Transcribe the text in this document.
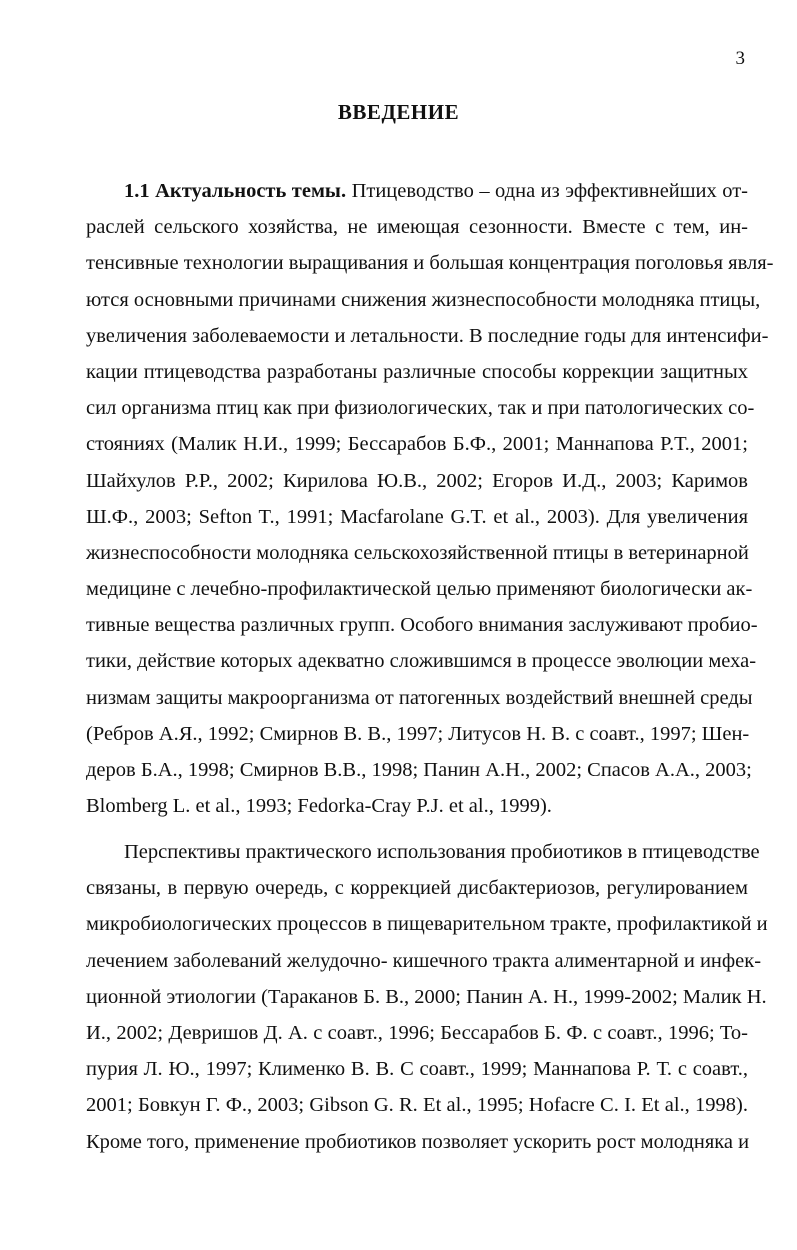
3
ВВЕДЕНИЕ
1.1 Актуальность темы. Птицеводство – одна из эффективнейших от-
раслей сельского хозяйства, не имеющая сезонности. Вместе с тем, ин-
тенсивные технологии выращивания и большая концентрация поголовья явля-
ются основными причинами снижения жизнеспособности молодняка птицы,
увеличения заболеваемости и летальности. В последние годы для интенсифи-
кации птицеводства разработаны различные способы коррекции защитных
сил организма птиц как при физиологических, так и при патологических со-
стояниях (Малик Н.И., 1999; Бессарабов Б.Ф., 2001; Маннапова Р.Т., 2001;
Шайхулов Р.Р., 2002; Кирилова Ю.В., 2002; Егоров И.Д., 2003; Каримов
Ш.Ф., 2003; Sefton T., 1991; Macfarolane G.T. et al., 2003). Для увеличения
жизнеспособности молодняка сельскохозяйственной птицы в ветеринарной
медицине с лечебно-профилактической целью применяют биологически ак-
тивные вещества различных групп. Особого внимания заслуживают пробио-
тики, действие которых адекватно сложившимся в процессе эволюции меха-
низмам защиты макроорганизма от патогенных воздействий внешней среды
(Ребров А.Я., 1992; Смирнов В. В., 1997; Литусов Н. В. с соавт., 1997; Шен-
деров Б.А., 1998; Смирнов В.В., 1998; Панин А.Н., 2002; Спасов А.А., 2003;
Blomberg L. et al., 1993; Fedorka-Cray P.J. et al., 1999).
Перспективы практического использования пробиотиков в птицеводстве
связаны, в первую очередь, с коррекцией дисбактериозов, регулированием
микробиологических процессов в пищеварительном тракте, профилактикой и
лечением заболеваний желудочно- кишечного тракта алиментарной и инфек-
ционной этиологии (Тараканов Б. В., 2000; Панин А. Н., 1999-2002; Малик Н.
И., 2002; Девришов Д. А. с соавт., 1996; Бессарабов Б. Ф. с соавт., 1996; То-
пурия Л. Ю., 1997; Клименко В. В. С соавт., 1999; Маннапова Р. Т. с соавт.,
2001; Бовкун Г. Ф., 2003; Gibson G. R. Et al., 1995; Hofacre C. I. Et al., 1998).
Кроме того, применение пробиотиков позволяет ускорить рост молодняка и
